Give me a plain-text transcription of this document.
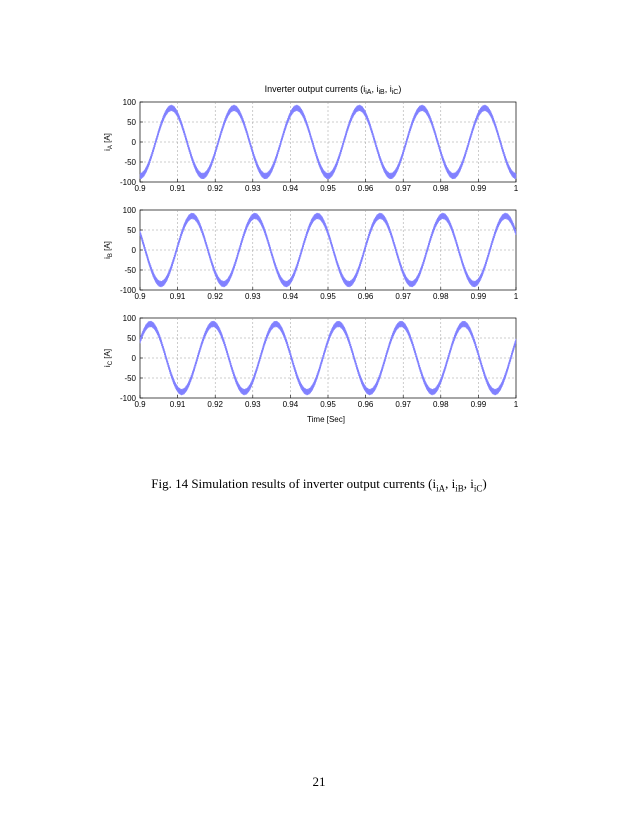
Inverter output currents ($i_{iA}$, $i_{iB}$, $i_{iC}$)
0.9	0.91	0.92	0.93	0.94	0.95	0.96	0.97	0.98	0.99	1
100
50
0
-50
-100
$i_A$ [A]
0.9	0.91	0.92	0.93	0.94	0.95	0.96	0.97	0.98	0.99	1
100
50
0
-50
-100
$i_B$ [A]
0.9	0.91	0.92	0.93	0.94	0.95	0.96	0.97	0.98	0.99	1
100
50
0
-50
-100
$i_C$ [A]
Time [Sec]
Fig. 14 Simulation results of inverter output currents ($i_{iA}$, $i_{iB}$, $i_{iC}$)
21
